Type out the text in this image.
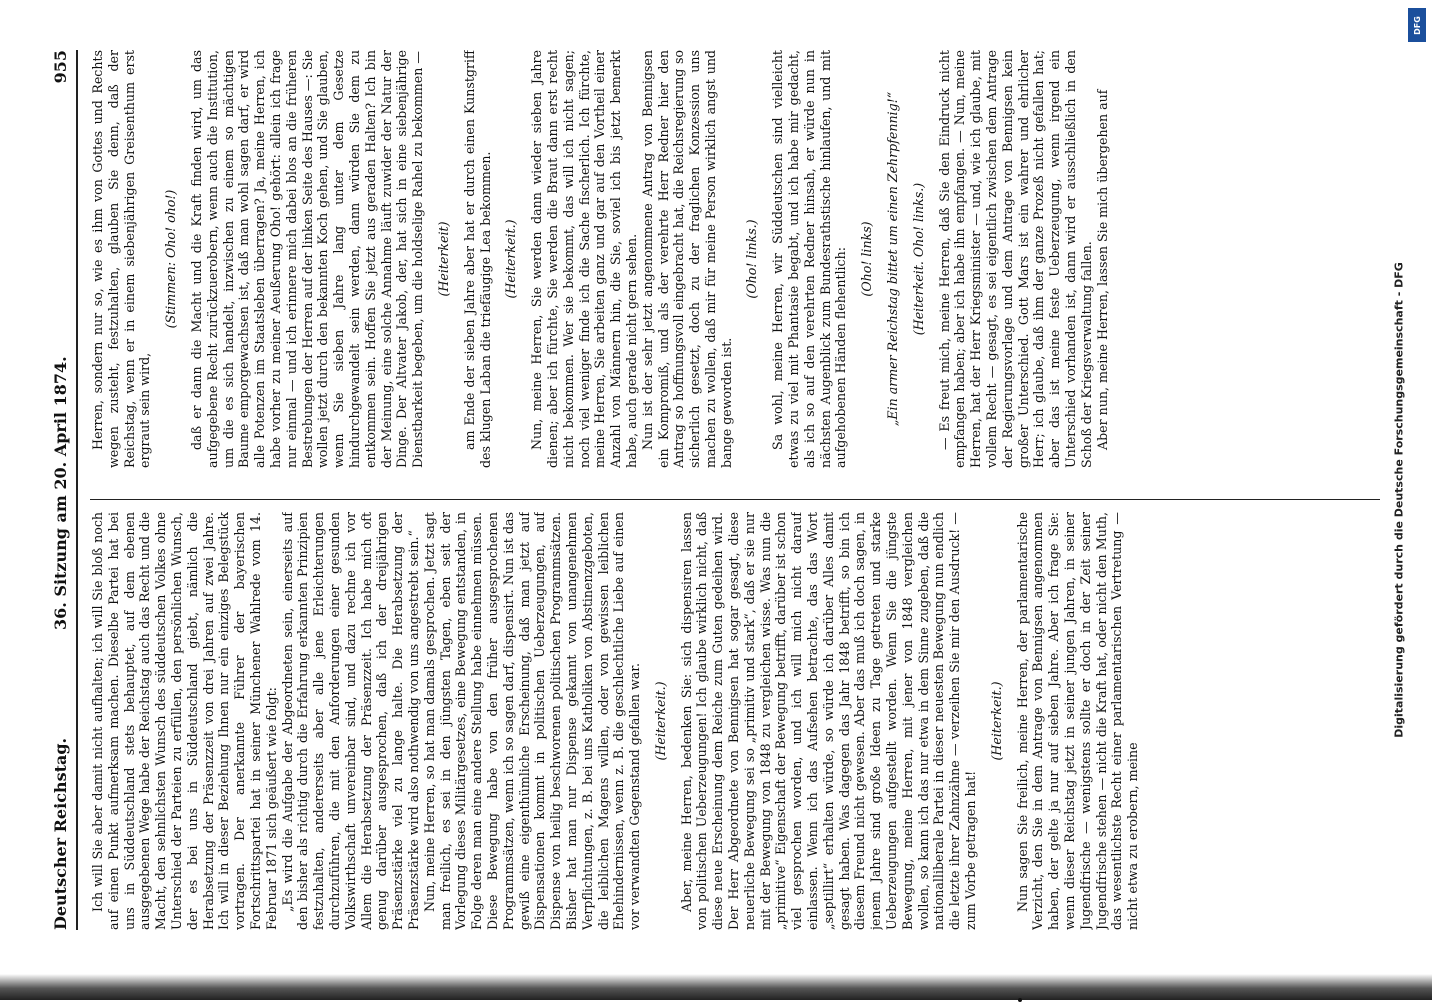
Deutscher Reichstag.
36. Sitzung am 20. April 1874.
955

Ich will Sie aber damit nicht aufhalten; ich will Sie bloß noch auf einen Punkt aufmerksam machen. Dieselbe Partei hat bei uns in Süddeutschland stets behauptet, auf dem ebenen ausgegebenen Wege habe der Reichstag auch das Recht und die Macht, den sehnlichsten Wunsch des süddeutschen Volkes ohne Unterschied der Parteien zu erfüllen, den persönlichen Wunsch, der es bei uns in Süddeutschland giebt, nämlich die Herabsetzung der Präsenzzeit von drei Jahren auf zwei Jahre. Ich will in dieser Beziehung Ihnen nur ein einziges Belegstück vortragen. Der anerkannte Führer der bayerischen Fortschrittspartei hat in seiner Münchener Wahlrede vom 14. Februar 1871 sich geäußert wie folgt: „Es wird die Aufgabe der Abgeordneten sein, einerseits auf den bisher als richtig durch die Erfahrung erkannten Prinzipien festzuhalten, andererseits aber alle jene Erleichterungen durchzuführen, die mit den Anforderungen einer gesunden Volkswirthschaft unvereinbar sind, und dazu rechne ich vor Allem die Herabsetzung der Präsenzzeit. Ich habe mich oft genug darüber ausgesprochen, daß ich der dreijährigen Präsenzstärke viel zu lange halte. Die Herabsetzung der Präsenzstärke wird also nothwendig von uns angestrebt sein.“ Nun, meine Herren, so hat man damals gesprochen. Jetzt sagt man freilich, es sei in den jüngsten Tagen, eben seit der Vorlegung dieses Militärgesetzes, eine Bewegung entstanden, in Folge deren man eine andere Stellung habe einnehmen müssen. Diese Bewegung habe von den früher ausgesprochenen Programmsätzen, wenn ich so sagen darf, dispensirt. Nun ist das gewiß eine eigenthümliche Erscheinung, daß man jetzt auf Dispensationen kommt in politischen Ueberzeugungen, auf Dispense von heilig beschworenen politischen Programmsätzen. Bisher hat man nur Dispense gekannt von unangenehmen Verpflichtungen, z. B. bei uns Katholiken von Abstinenzgeboten, die leiblichen Magens willen, oder von gewissen leiblichen Ehehindernissen, wenn z. B. die geschlechtliche Liebe auf einen vor verwandten Gegenstand gefallen war. (Heiterkeit.) Aber, meine Herren, bedenken Sie: sich dispensiren lassen von politischen Ueberzeugungen! Ich glaube wirklich nicht, daß diese neue Erscheinung dem Reiche zum Guten gedeihen wird. Der Herr Abgeordnete von Bennigsen hat sogar gesagt, diese neuerliche Bewegung sei so „primitiv und stark“, daß er sie nur mit der Bewegung von 1848 zu vergleichen wisse. Was nun die „primitive“ Eigenschaft der Bewegung betrifft, darüber ist schon viel gesprochen worden, und ich will mich nicht darauf einlassen. Wenn ich das Aufsehen betrachte, das das Wort „septillirt“ erhalten würde, so würde ich darüber Alles damit gesagt haben. Was dagegen das Jahr 1848 betrifft, so bin ich diesem Freund nicht gewesen. Aber das muß ich doch sagen, in jenem Jahre sind große Ideen zu Tage getreten und starke Ueberzeugungen aufgestellt worden. Wenn Sie die jüngste Bewegung, meine Herren, mit jener von 1848 vergleichen wollen, so kann ich das nur etwa in dem Sinne zugeben, daß die nationalliberale Partei in dieser neuesten Bewegung nun endlich die letzte ihrer Zahnzähne — verzeihen Sie mir den Ausdruck! — zum Vorbe getragen hat!

(Heiterkeit.) Nun sagen Sie freilich, meine Herren, der parlamentarische Verzicht, den Sie in dem Antrage von Bennigsen angenommen haben, der gelte ja nur auf sieben Jahre. Aber ich frage Sie: wenn dieser Reichstag jetzt in seiner jungen Jahren, in seiner Jugendfrische — wenigstens sollte er doch in der Zeit seiner Jugendfrische stehen — nicht die Kraft hat, oder nicht den Muth, das wesentlichste Recht einer parlamentarischen Vertretung — nicht etwa zu erobern, meine

Herren, sondern nur so, wie es ihm von Gottes und Rechts wegen zusteht, festzuhalten, glauben Sie denn, daß der Reichstag, wenn er in einem siebenjährigen Greisenthum erst ergraut sein wird,

(Stimmen: Oho! oho!) daß er dann die Macht und die Kraft finden wird, um das aufgegebene Recht zurückzuerobern, wenn auch die Institution, um die es sich handelt, inzwischen zu einem so mächtigen Baume emporgewachsen ist, daß man wohl sagen darf, er wird alle Potenzen im Staatsleben überragen? Ja, meine Herren, ich habe vorher zu meiner Aeußerung Oho! gehört: allein ich frage nur einmal — und ich erinnere mich dabei blos an die früheren Bestrebungen der Herren auf der linken Seite des Hauses —: Sie wollen jetzt durch den bekannten Koch gehen, und Sie glauben, wenn Sie sieben Jahre lang unter dem Gesetze hindurchgewandelt sein werden, dann würden Sie dem zu entkommen sein. Hoffen Sie jetzt aus geraden Halten? Ich bin der Meinung, eine solche Annahme läuft zuwider der Natur der Dinge. Der Altvater Jakob, der, hat sich in eine siebenjährige Dienstbarkeit begeben, um die holdselige Rahel zu bekommen — (Heiterkeit) am Ende der sieben Jahre aber hat er durch einen Kunstgriff des klugen Laban die triefäugige Lea bekommen. (Heiterkeit.) Nun, meine Herren, Sie werden dann wieder sieben Jahre dienen; aber ich fürchte, Sie werden die Braut dann erst recht nicht bekommen. Wer sie bekommt, das will ich nicht sagen; noch viel weniger finde ich die Sache fischerlich. Ich fürchte, meine Herren, Sie arbeiten ganz und gar auf den Vortheil einer Anzahl von Männern hin, die Sie, soviel ich bis jetzt bemerkt habe, auch gerade nicht gern sehen. Nun ist der sehr jetzt angenommene Antrag von Bennigsen ein Kompromiß, und als der verehrte Herr Redner hier den Antrag so hoffnungsvoll eingebracht hat, die Reichsregierung so sicherlich gesetzt, doch zu der fraglichen Konzession uns machen zu wollen, daß mir für meine Person wirklich angst und bange geworden ist.

(Oho! links.) Sa wohl, meine Herren, wir Süddeutschen sind vielleicht etwas zu viel mit Phantasie begabt, und ich habe mir gedacht, als ich so auf den verehrten Redner hinsah, er würde nun in nächsten Augenblick zum Bundesrathstische hinlaufen, und mit aufgehobenen Händen flehentlich: (Oho! links) „Ein armer Reichstag bittet um einen Zehrpfennig!“ (Heiterkeit. Oho! links.) — Es freut mich, meine Herren, daß Sie den Eindruck nicht empfangen haben; aber ich habe ihn empfangen. — Nun, meine Herren, hat der Herr Kriegsminister — und, wie ich glaube, mit vollem Recht — gesagt, es sei eigentlich zwischen dem Antrage der Regierungsvorlage und dem Antrage von Bennigsen kein großer Unterschied. Gott Mars ist ein wahrer und ehrlicher Herr; ich glaube, daß ihm der ganze Prozeß nicht gefallen hat; aber das ist meine feste Ueberzeugung, wenn irgend ein Unterschied vorhanden ist, dann wird er ausschließlich in den Schoß der Kriegsverwaltung fallen. Aber nun, meine Herren, lassen Sie mich übergehen auf	Digitalisierung gefördert durch die Deutsche Forschungsgemeinschaft - DFG
DFG
